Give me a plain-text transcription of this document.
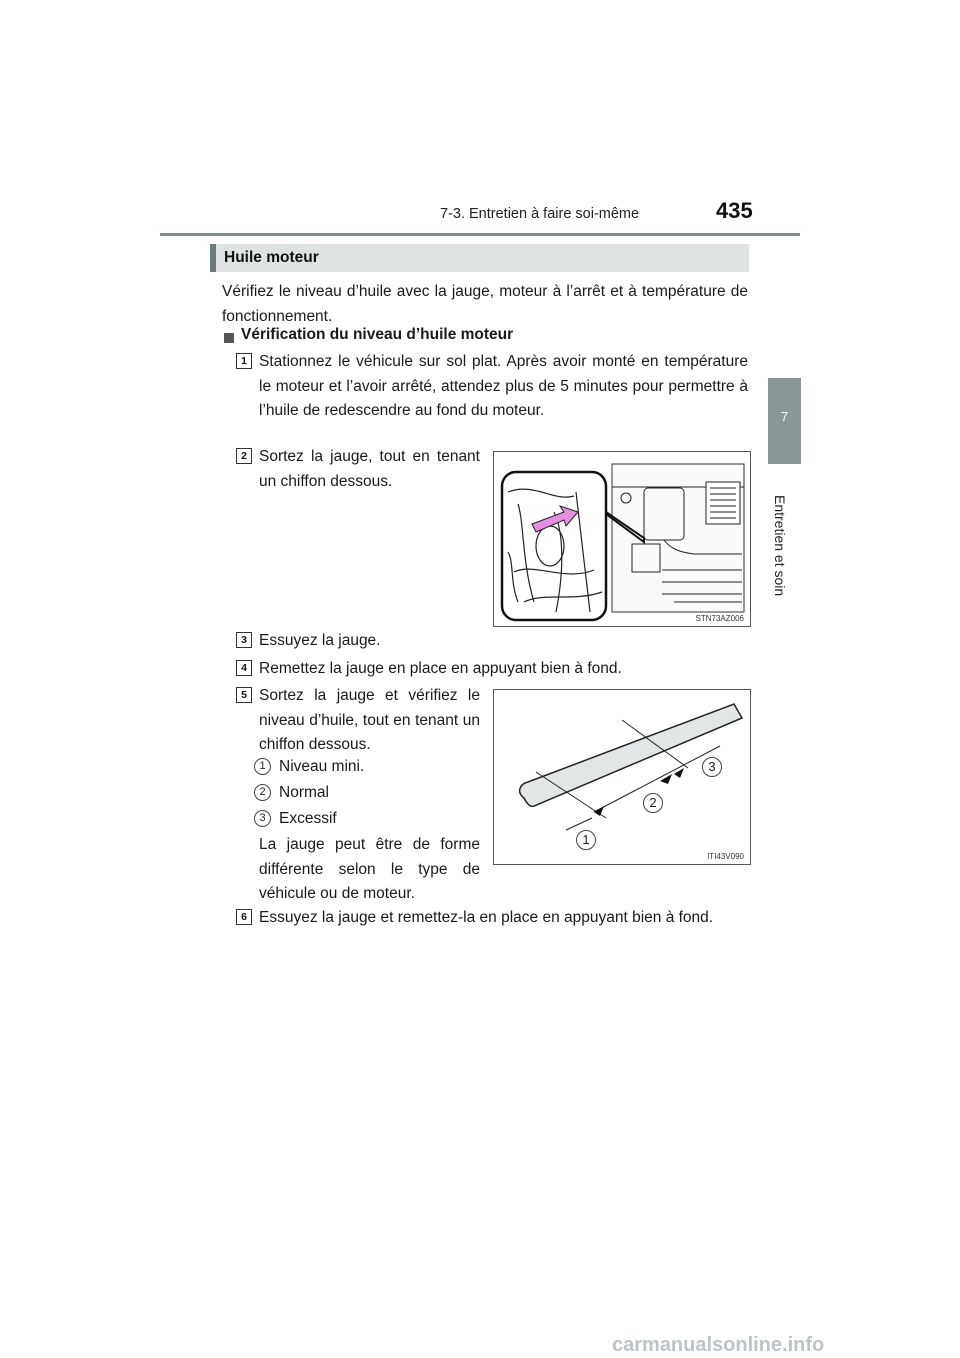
7-3. Entretien à faire soi-même	435
7
Entretien et soin
Huile moteur
Vérifiez le niveau d’huile avec la jauge, moteur à l’arrêt et à température de fonctionnement.
Vérification du niveau d’huile moteur
1 Stationnez le véhicule sur sol plat. Après avoir monté en température le moteur et l’avoir arrêté, attendez plus de 5 minutes pour permettre à l’huile de redescendre au fond du moteur.
2 Sortez la jauge, tout en tenant un chiffon dessous.
STN73AZ006
3 Essuyez la jauge.
4 Remettez la jauge en place en appuyant bien à fond.
5 Sortez la jauge et vérifiez le niveau d’huile, tout en tenant un chiffon dessous.
1 Niveau mini.
2 Normal
3 Excessif
La jauge peut être de forme différente selon le type de véhicule ou de moteur.
1
2
3
ITI43V090
6 Essuyez la jauge et remettez-la en place en appuyant bien à fond.
carmanualsonline.info
